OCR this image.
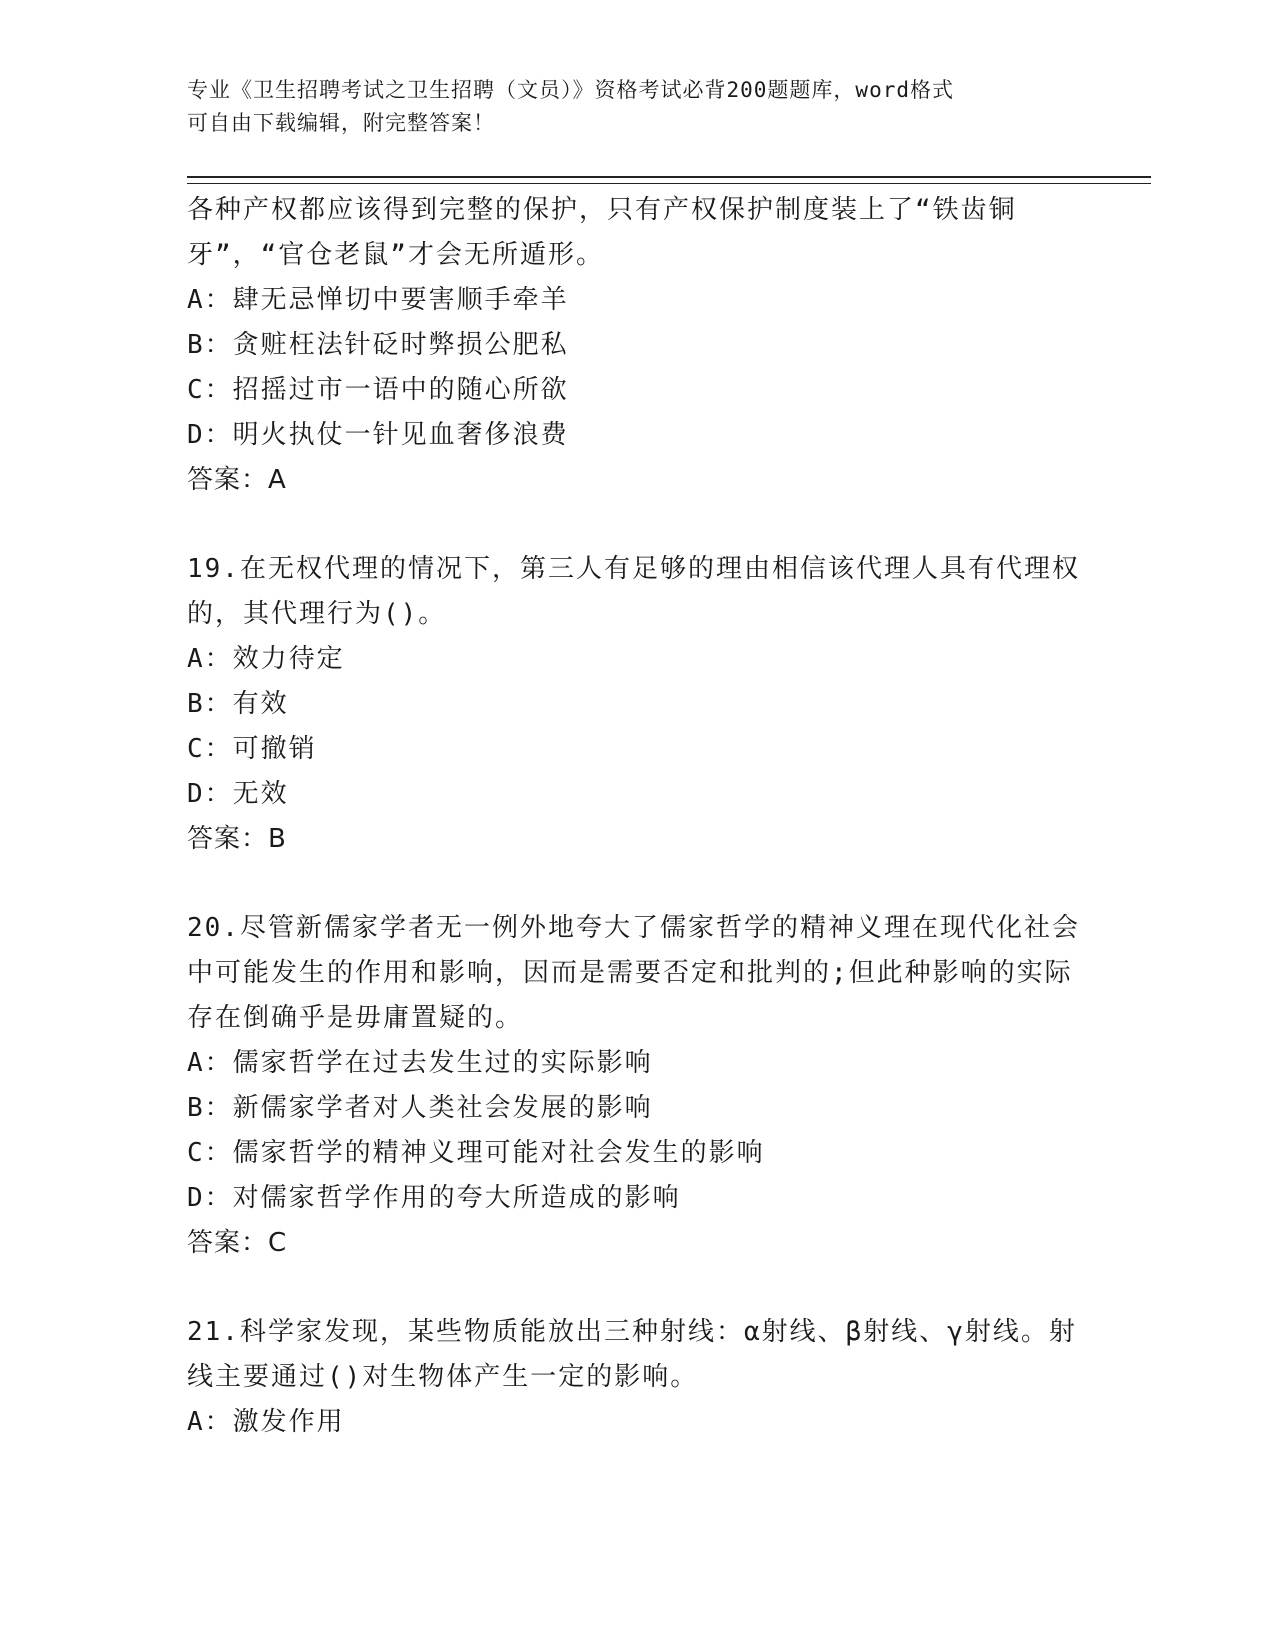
专业《卫生招聘考试之卫生招聘（文员）》资格考试必背200题题库，word格式
可自由下载编辑，附完整答案！

各种产权都应该得到完整的保护，只有产权保护制度装上了“铁齿铜牙”，“官仓老鼠”才会无所遁形。

A：肆无忌惮切中要害顺手牵羊

B：贪赃枉法针砭时弊损公肥私

C：招摇过市一语中的随心所欲

D：明火执仗一针见血奢侈浪费

答案：A

19.在无权代理的情况下，第三人有足够的理由相信该代理人具有代理权的，其代理行为()。

A：效力待定

B：有效

C：可撤销

D：无效

答案：B

20.尽管新儒家学者无一例外地夸大了儒家哲学的精神义理在现代化社会中可能发生的作用和影响，因而是需要否定和批判的;但此种影响的实际存在倒确乎是毋庸置疑的。

A：儒家哲学在过去发生过的实际影响

B：新儒家学者对人类社会发展的影响

C：儒家哲学的精神义理可能对社会发生的影响

D：对儒家哲学作用的夸大所造成的影响

答案：C

21.科学家发现，某些物质能放出三种射线：α射线、β射线、γ射线。射线主要通过()对生物体产生一定的影响。

A：激发作用
